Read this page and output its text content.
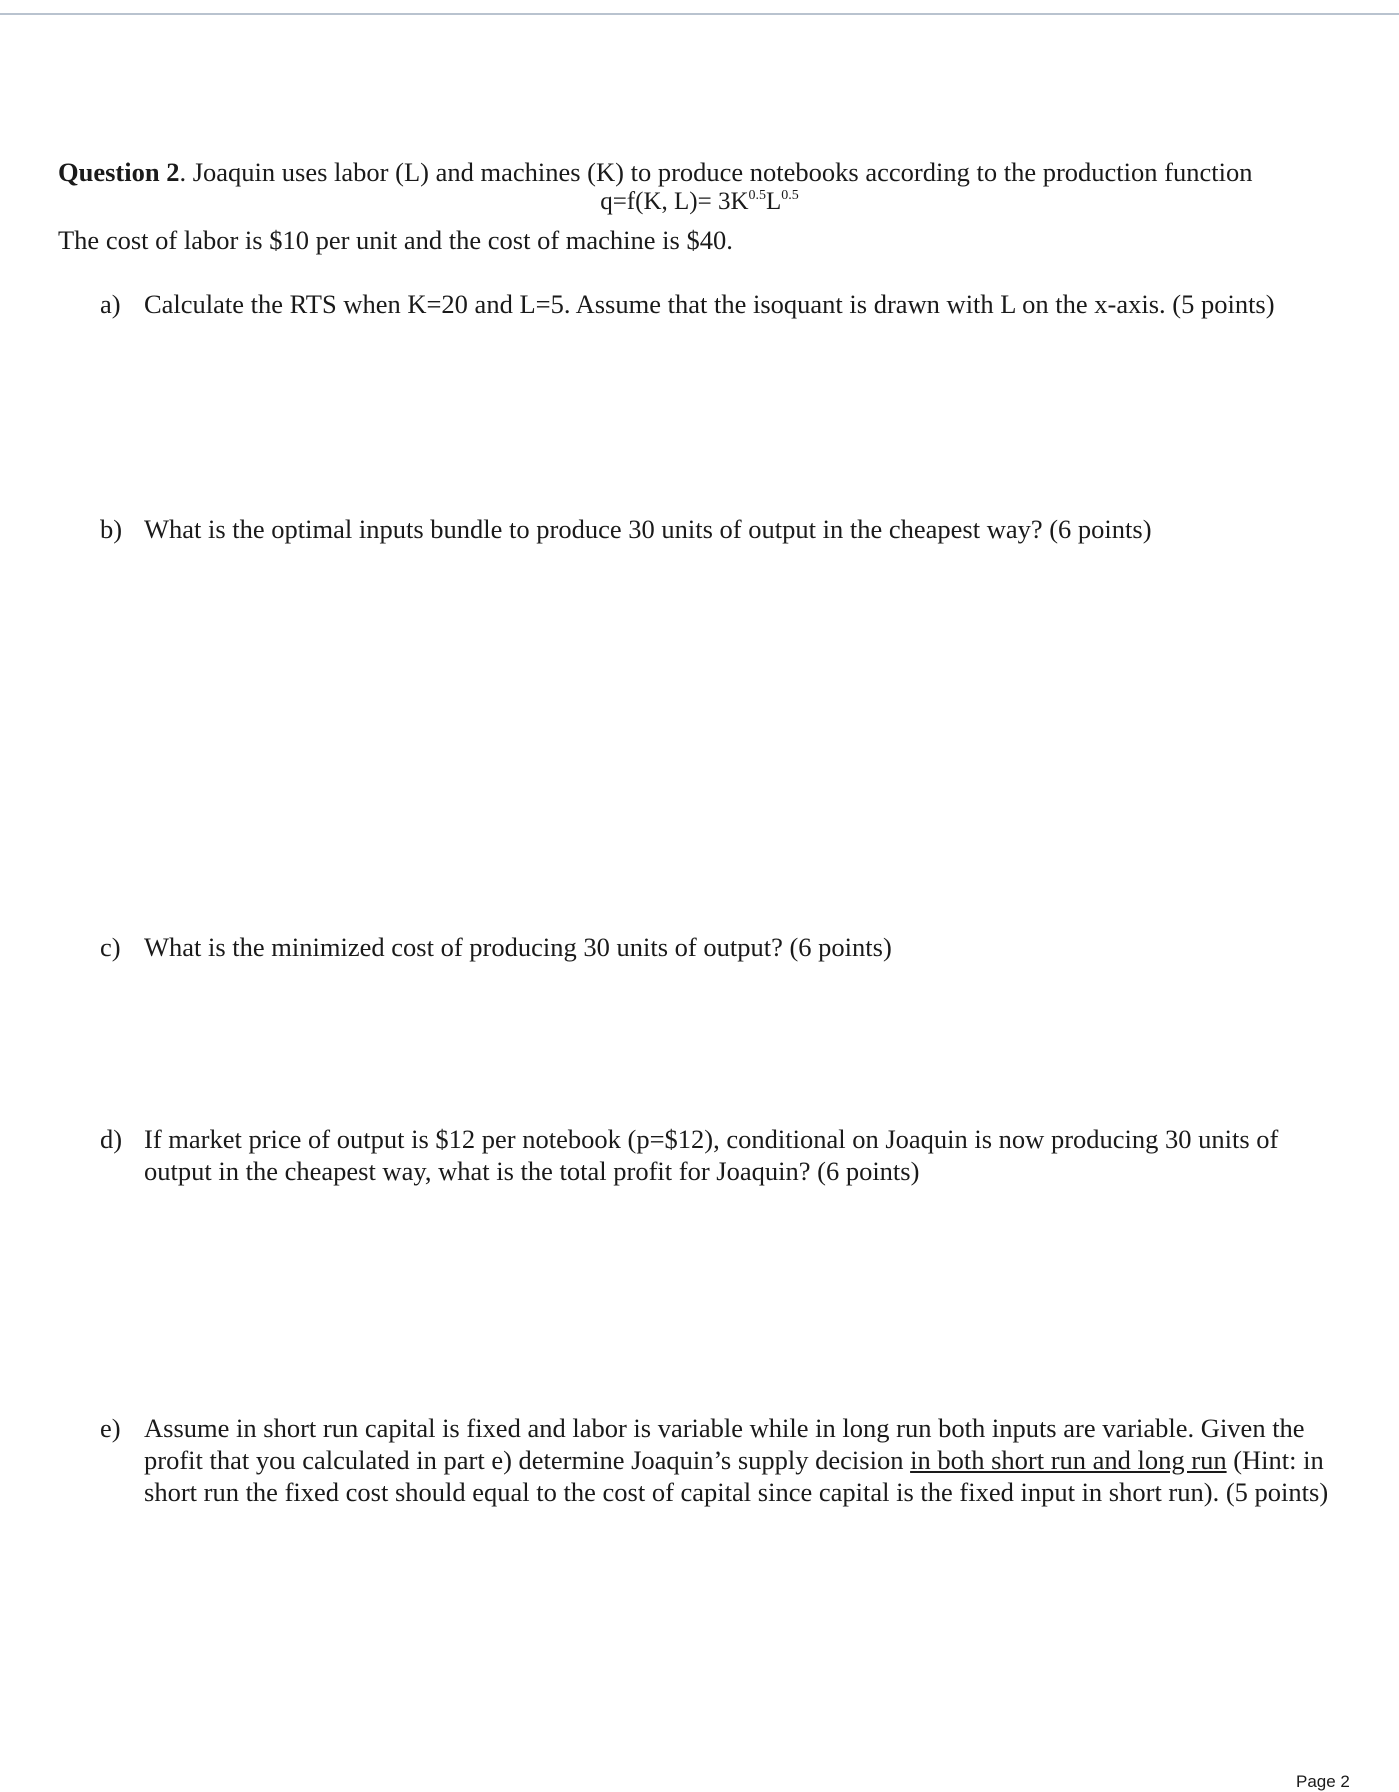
Question 2. Joaquin uses labor (L) and machines (K) to produce notebooks according to the production function
q=f(K, $L)= 3K^{0.5}L^{0.5}$
The cost of labor is $10 per unit and the cost of machine is $40.
a) Calculate the RTS when K=20 and L=5. Assume that the isoquant is drawn with L on the x-axis. (5 points)
b) What is the optimal inputs bundle to produce 30 units of output in the cheapest way? (6 points)
c) What is the minimized cost of producing 30 units of output? (6 points)
d) If market price of output is $12 per notebook (p=$12), conditional on Joaquin is now producing 30 units of output in the cheapest way, what is the total profit for Joaquin? (6 points)
e) Assume in short run capital is fixed and labor is variable while in long run both inputs are variable. Given the profit that you calculated in part e) determine Joaquin’s supply decision in both short run and long run (Hint: in short run the fixed cost should equal to the cost of capital since capital is the fixed input in short run). (5 points)
Page 2
